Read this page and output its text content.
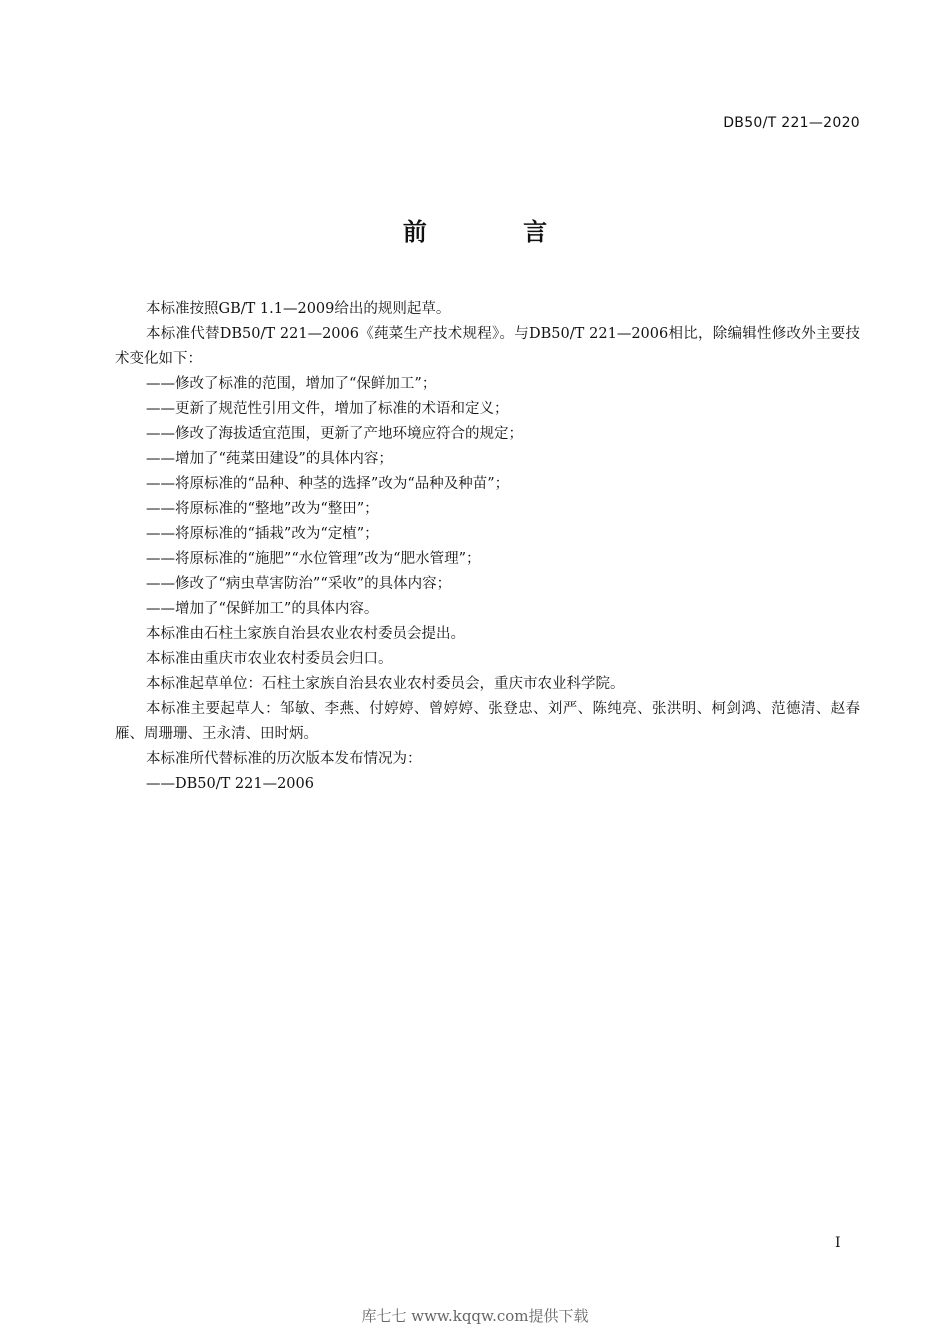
DB50/T 221—2020
前 言

本标准按照GB/T 1.1—2009给出的规则起草。

本标准代替DB50/T 221—2006《莼菜生产技术规程》。与DB50/T 221—2006相比，除编辑性修改外主要技术变化如下：

——修改了标准的范围，增加了“保鲜加工”；

——更新了规范性引用文件，增加了标准的术语和定义；

——修改了海拔适宜范围，更新了产地环境应符合的规定；

——增加了“莼菜田建设”的具体内容；

——将原标准的“品种、种茎的选择”改为“品种及种苗”；

——将原标准的“整地”改为“整田”；

——将原标准的“插栽”改为“定植”；

——将原标准的“施肥”“水位管理”改为“肥水管理”；

——修改了“病虫草害防治”“采收”的具体内容；

——增加了“保鲜加工”的具体内容。

本标准由石柱土家族自治县农业农村委员会提出。

本标准由重庆市农业农村委员会归口。

本标准起草单位：石柱土家族自治县农业农村委员会，重庆市农业科学院。

本标准主要起草人：邹敏、李燕、付婷婷、曾婷婷、张登忠、刘严、陈纯亮、张洪明、柯剑鸿、范德清、赵春雁、周珊珊、王永清、田时炳。

本标准所代替标准的历次版本发布情况为：

——DB50/T 221—2006

I
库七七 www.kqqw.com提供下载
